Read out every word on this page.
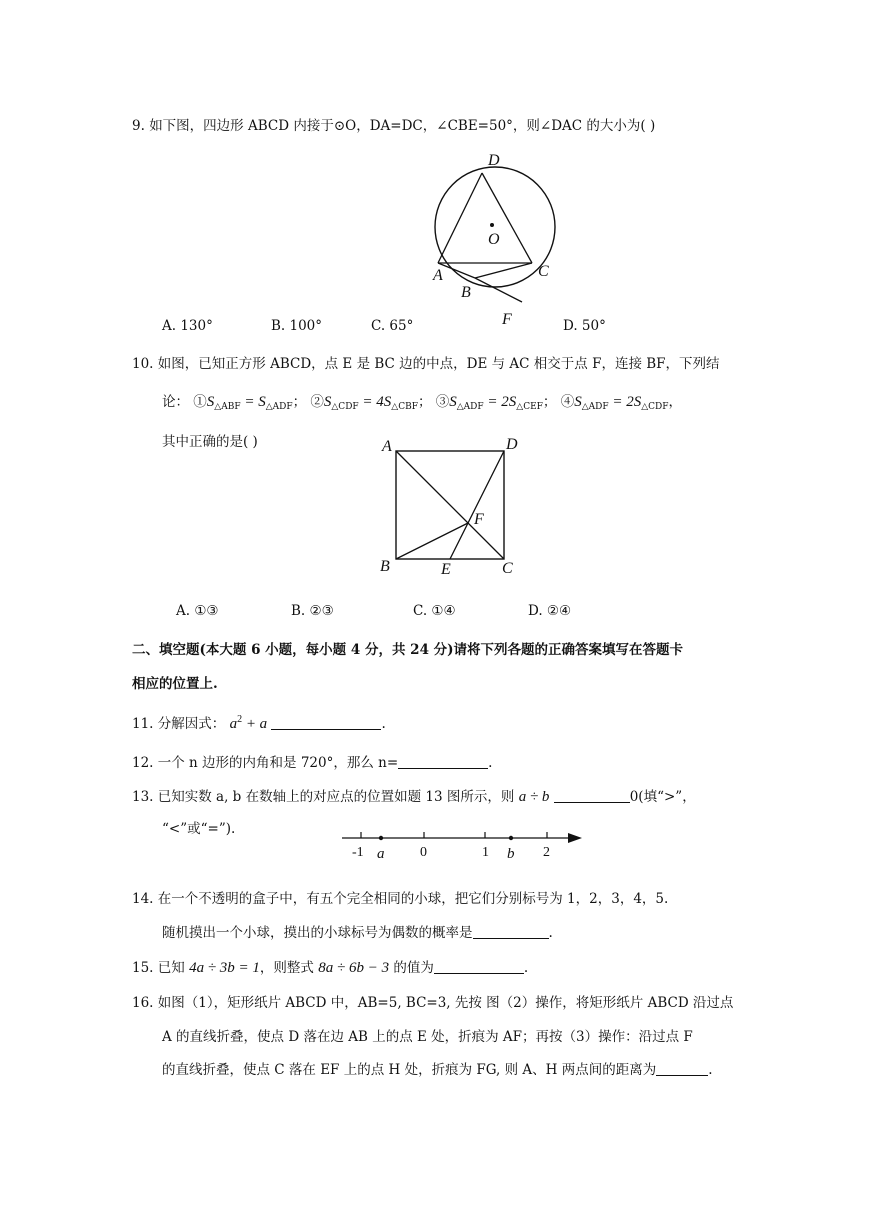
9. 如下图，四边形 ABCD 内接于⊙O，DA=DC，∠CBE=50°，则∠DAC 的大小为( )
D
O
A
B
C
F
A. 130°	B. 100°	C. 65°	D. 50°
10. 如图，已知正方形 ABCD，点 E 是 BC 边的中点，DE 与 AC 相交于点 F，连接 BF，下列结
论： $①S_{\triangle ABF} = S_{\triangle ADF}$； $②S_{\triangle CDF} = 4S_{\triangle CBF}$； $③S_{\triangle ADF} = 2S_{\triangle CEF}$； $④S_{\triangle ADF} = 2S_{\triangle CDF}$，
其中正确的是( )	A	D
F
B	E	C
A. ①③	B. ②③	C. ①④	D. ②④
二、填空题(本大题 6 小题，每小题 4 分，共 24 分)请将下列各题的正确答案填写在答题卡
相应的位置上.
11. 分解因式： $a^2 + a$	.
12. 一个 n 边形的内角和是 720°，那么 n=	.
13. 已知实数 a, b 在数轴上的对应点的位置如题 13 图所示，则 a ÷ b	0(填“>”，
“<”或“=”).
-1 a	0	1 b 2
14. 在一个不透明的盒子中，有五个完全相同的小球，把它们分别标号为 1，2，3，4，5.
随机摸出一个小球，摸出的小球标号为偶数的概率是	.
15. 已知 4a ÷ 3b = 1，则整式 8a ÷ 6b − 3 的值为	.
16. 如图（1），矩形纸片 ABCD 中，AB=5, BC=3, 先按 图（2）操作，将矩形纸片 ABCD 沿过点
A 的直线折叠，使点 D 落在边 AB 上的点 E 处，折痕为 AF；再按（3）操作：沿过点 F
的直线折叠，使点 C 落在 EF 上的点 H 处，折痕为 FG, 则 A、H 两点间的距离为	.
